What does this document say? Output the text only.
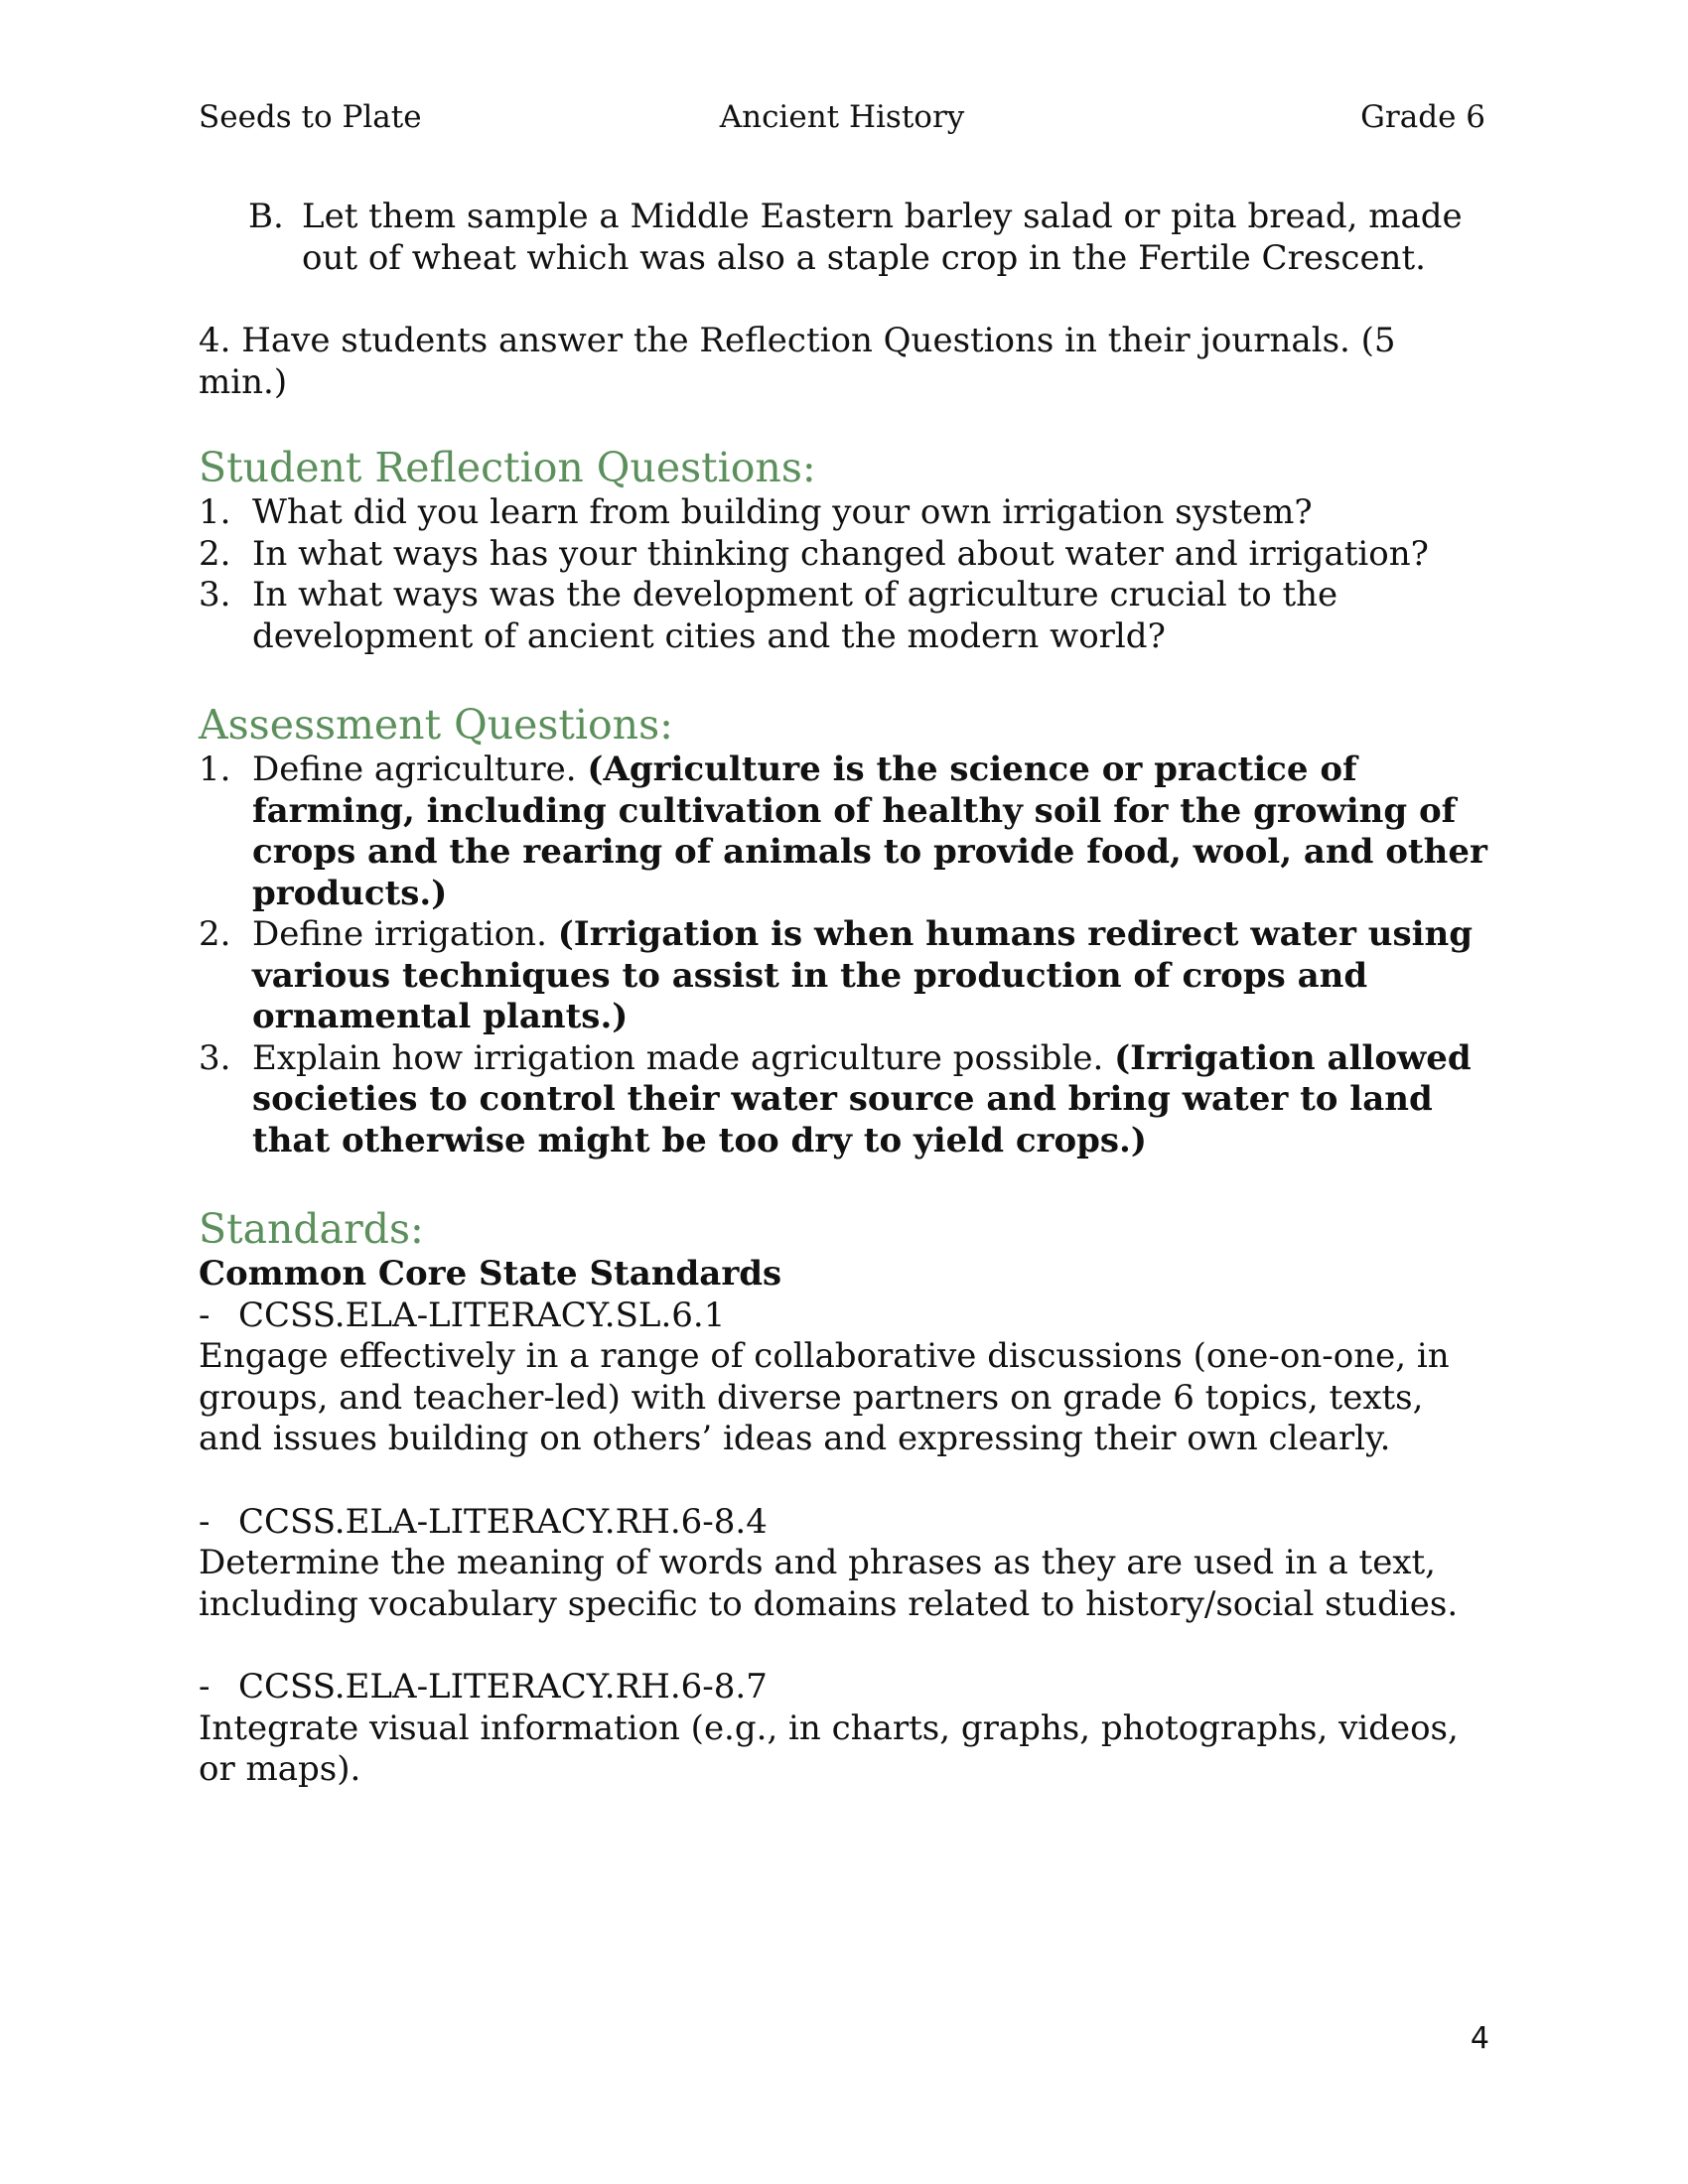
Seeds to Plate	Ancient History	Grade 6
B. Let them sample a Middle Eastern barley salad or pita bread, made out of wheat which was also a staple crop in the Fertile Crescent.
4. Have students answer the Reflection Questions in their journals. (5 min.)
Student Reflection Questions:
1. What did you learn from building your own irrigation system?
2. In what ways has your thinking changed about water and irrigation?
3. In what ways was the development of agriculture crucial to the development of ancient cities and the modern world?
Assessment Questions:
1. Define agriculture. (Agriculture is the science or practice of farming, including cultivation of healthy soil for the growing of crops and the rearing of animals to provide food, wool, and other products.)
2. Define irrigation. (Irrigation is when humans redirect water using various techniques to assist in the production of crops and ornamental plants.)
3. Explain how irrigation made agriculture possible. (Irrigation allowed societies to control their water source and bring water to land that otherwise might be too dry to yield crops.)
Standards:
Common Core State Standards
- CCSS.ELA-LITERACY.SL.6.1
Engage effectively in a range of collaborative discussions (one-on-one, in groups, and teacher-led) with diverse partners on grade 6 topics, texts, and issues building on others’ ideas and expressing their own clearly.
- CCSS.ELA-LITERACY.RH.6-8.4
Determine the meaning of words and phrases as they are used in a text, including vocabulary specific to domains related to history/social studies.
- CCSS.ELA-LITERACY.RH.6-8.7
Integrate visual information (e.g., in charts, graphs, photographs, videos, or maps).
4
